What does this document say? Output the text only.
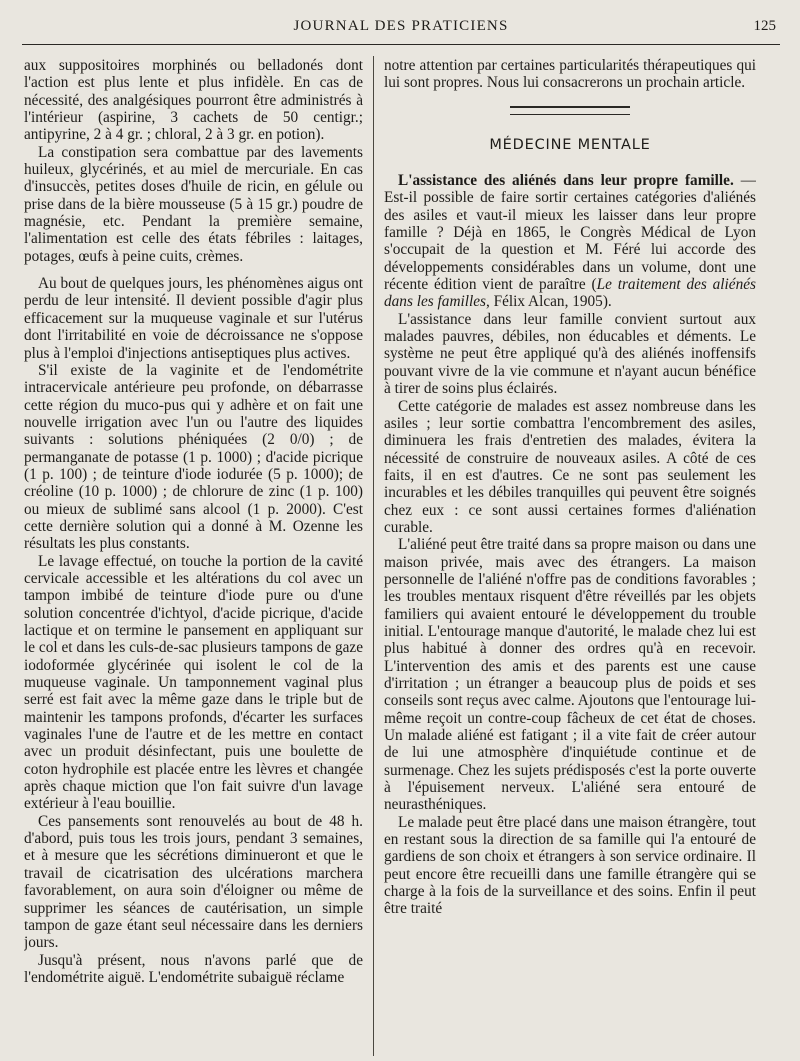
JOURNAL DES PRATICIENS	125

aux suppositoires morphinés ou belladonés dont l'action est plus lente et plus infidèle. En cas de nécessité, des analgésiques pourront être administrés à l'intérieur (aspirine, 3 cachets de 50 centigr.; antipyrine, 2 à 4 gr. ; chloral, 2 à 3 gr. en potion).

La constipation sera combattue par des lavements huileux, glycérinés, et au miel de mercuriale. En cas d'insuccès, petites doses d'huile de ricin, en gélule ou prise dans de la bière mousseuse (5 à 15 gr.) poudre de magnésie, etc. Pendant la première semaine, l'alimentation est celle des états fébriles : laitages, potages, œufs à peine cuits, crèmes.

Au bout de quelques jours, les phénomènes aigus ont perdu de leur intensité. Il devient possible d'agir plus efficacement sur la muqueuse vaginale et sur l'utérus dont l'irritabilité en voie de décroissance ne s'oppose plus à l'emploi d'injections antiseptiques plus actives.

S'il existe de la vaginite et de l'endométrite intracervicale antérieure peu profonde, on débarrasse cette région du muco-pus qui y adhère et on fait une nouvelle irrigation avec l'un ou l'autre des liquides suivants : solutions phéniquées (2 0/0) ; de permanganate de potasse (1 p. 1000) ; d'acide picrique (1 p. 100) ; de teinture d'iode iodurée (5 p. 1000); de créoline (10 p. 1000) ; de chlorure de zinc (1 p. 100) ou mieux de sublimé sans alcool (1 p. 2000). C'est cette dernière solution qui a donné à M. Ozenne les résultats les plus constants.

Le lavage effectué, on touche la portion de la cavité cervicale accessible et les altérations du col avec un tampon imbibé de teinture d'iode pure ou d'une solution concentrée d'ichtyol, d'acide picrique, d'acide lactique et on termine le pansement en appliquant sur le col et dans les culs-de-sac plusieurs tampons de gaze iodoformée glycérinée qui isolent le col de la muqueuse vaginale. Un tamponnement vaginal plus serré est fait avec la même gaze dans le triple but de maintenir les tampons profonds, d'écarter les surfaces vaginales l'une de l'autre et de les mettre en contact avec un produit désinfectant, puis une boulette de coton hydrophile est placée entre les lèvres et changée après chaque miction que l'on fait suivre d'un lavage extérieur à l'eau bouillie.

Ces pansements sont renouvelés au bout de 48 h. d'abord, puis tous les trois jours, pendant 3 semaines, et à mesure que les sécrétions diminueront et que le travail de cicatrisation des ulcérations marchera favorablement, on aura soin d'éloigner ou même de supprimer les séances de cautérisation, un simple tampon de gaze étant seul nécessaire dans les derniers jours.

Jusqu'à présent, nous n'avons parlé que de l'endométrite aiguë. L'endométrite subaiguë réclame

notre attention par certaines particularités thérapeutiques qui lui sont propres. Nous lui consacrerons un prochain article.

MÉDECINE MENTALE

L'assistance des aliénés dans leur propre famille. — Est-il possible de faire sortir certaines catégories d'aliénés des asiles et vaut-il mieux les laisser dans leur propre famille ? Déjà en 1865, le Congrès Médical de Lyon s'occupait de la question et M. Féré lui accorde des développements considérables dans un volume, dont une récente édition vient de paraître (Le traitement des aliénés dans les familles, Félix Alcan, 1905).

L'assistance dans leur famille convient surtout aux malades pauvres, débiles, non éducables et déments. Le système ne peut être appliqué qu'à des aliénés inoffensifs pouvant vivre de la vie commune et n'ayant aucun bénéfice à tirer de soins plus éclairés.

Cette catégorie de malades est assez nombreuse dans les asiles ; leur sortie combattra l'encombrement des asiles, diminuera les frais d'entretien des malades, évitera la nécessité de construire de nouveaux asiles. A côté de ces faits, il en est d'autres. Ce ne sont pas seulement les incurables et les débiles tranquilles qui peuvent être soignés chez eux : ce sont aussi certaines formes d'aliénation curable.

L'aliéné peut être traité dans sa propre maison ou dans une maison privée, mais avec des étrangers. La maison personnelle de l'aliéné n'offre pas de conditions favorables ; les troubles mentaux risquent d'être réveillés par les objets familiers qui avaient entouré le développement du trouble initial. L'entourage manque d'autorité, le malade chez lui est plus habitué à donner des ordres qu'à en recevoir. L'intervention des amis et des parents est une cause d'irritation ; un étranger a beaucoup plus de poids et ses conseils sont reçus avec calme. Ajoutons que l'entourage lui-même reçoit un contre-coup fâcheux de cet état de choses. Un malade aliéné est fatigant ; il a vite fait de créer autour de lui une atmosphère d'inquiétude continue et de surmenage. Chez les sujets prédisposés c'est la porte ouverte à l'épuisement nerveux. L'aliéné sera entouré de neurasthéniques.

Le malade peut être placé dans une maison étrangère, tout en restant sous la direction de sa famille qui l'a entouré de gardiens de son choix et étrangers à son service ordinaire. Il peut encore être recueilli dans une famille étrangère qui se charge à la fois de la surveillance et des soins. Enfin il peut être traité
